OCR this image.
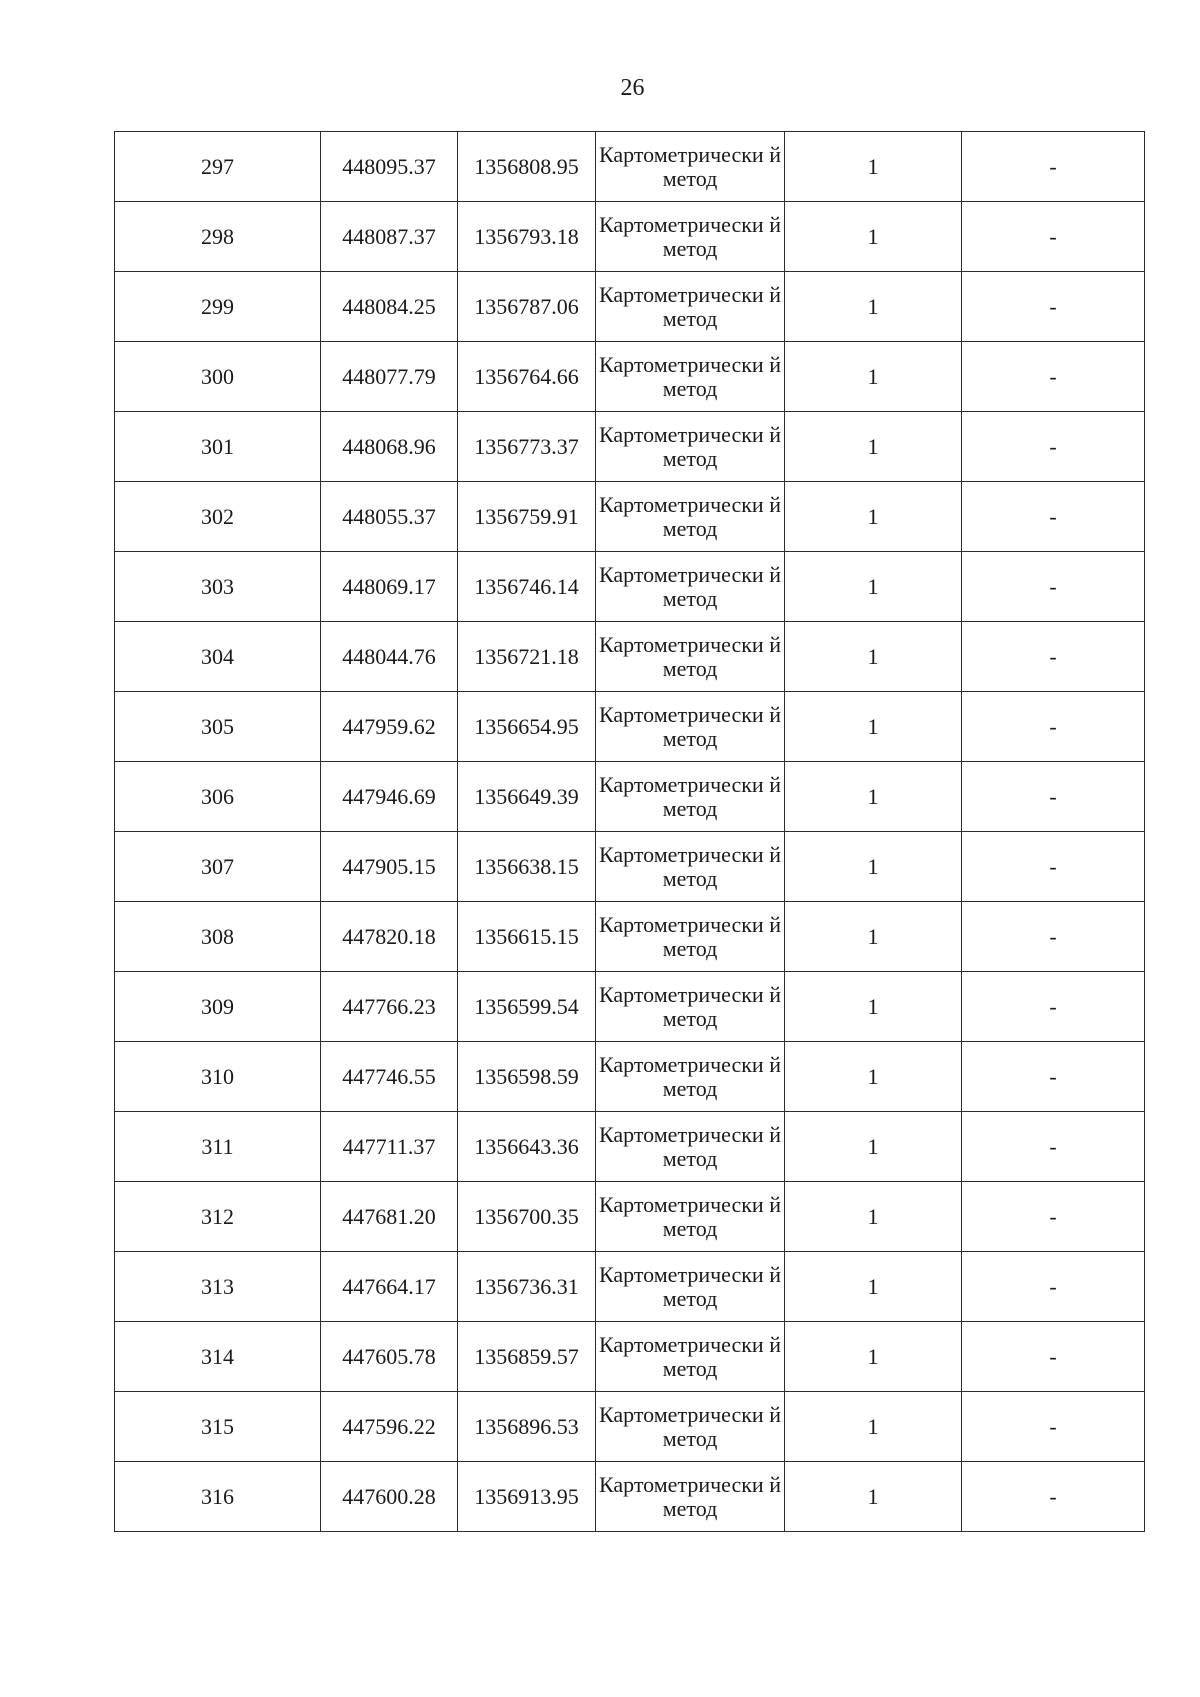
26
297	448095.37	1356808.95	Картометрически й метод	1	-
298	448087.37	1356793.18	Картометрически й метод	1	-
299	448084.25	1356787.06	Картометрически й метод	1	-
300	448077.79	1356764.66	Картометрически й метод	1	-
301	448068.96	1356773.37	Картометрически й метод	1	-
302	448055.37	1356759.91	Картометрически й метод	1	-
303	448069.17	1356746.14	Картометрически й метод	1	-
304	448044.76	1356721.18	Картометрически й метод	1	-
305	447959.62	1356654.95	Картометрически й метод	1	-
306	447946.69	1356649.39	Картометрически й метод	1	-
307	447905.15	1356638.15	Картометрически й метод	1	-
308	447820.18	1356615.15	Картометрически й метод	1	-
309	447766.23	1356599.54	Картометрически й метод	1	-
310	447746.55	1356598.59	Картометрически й метод	1	-
311	447711.37	1356643.36	Картометрически й метод	1	-
312	447681.20	1356700.35	Картометрически й метод	1	-
313	447664.17	1356736.31	Картометрически й метод	1	-
314	447605.78	1356859.57	Картометрически й метод	1	-
315	447596.22	1356896.53	Картометрически й метод	1	-
316	447600.28	1356913.95	Картометрически й метод	1	-
